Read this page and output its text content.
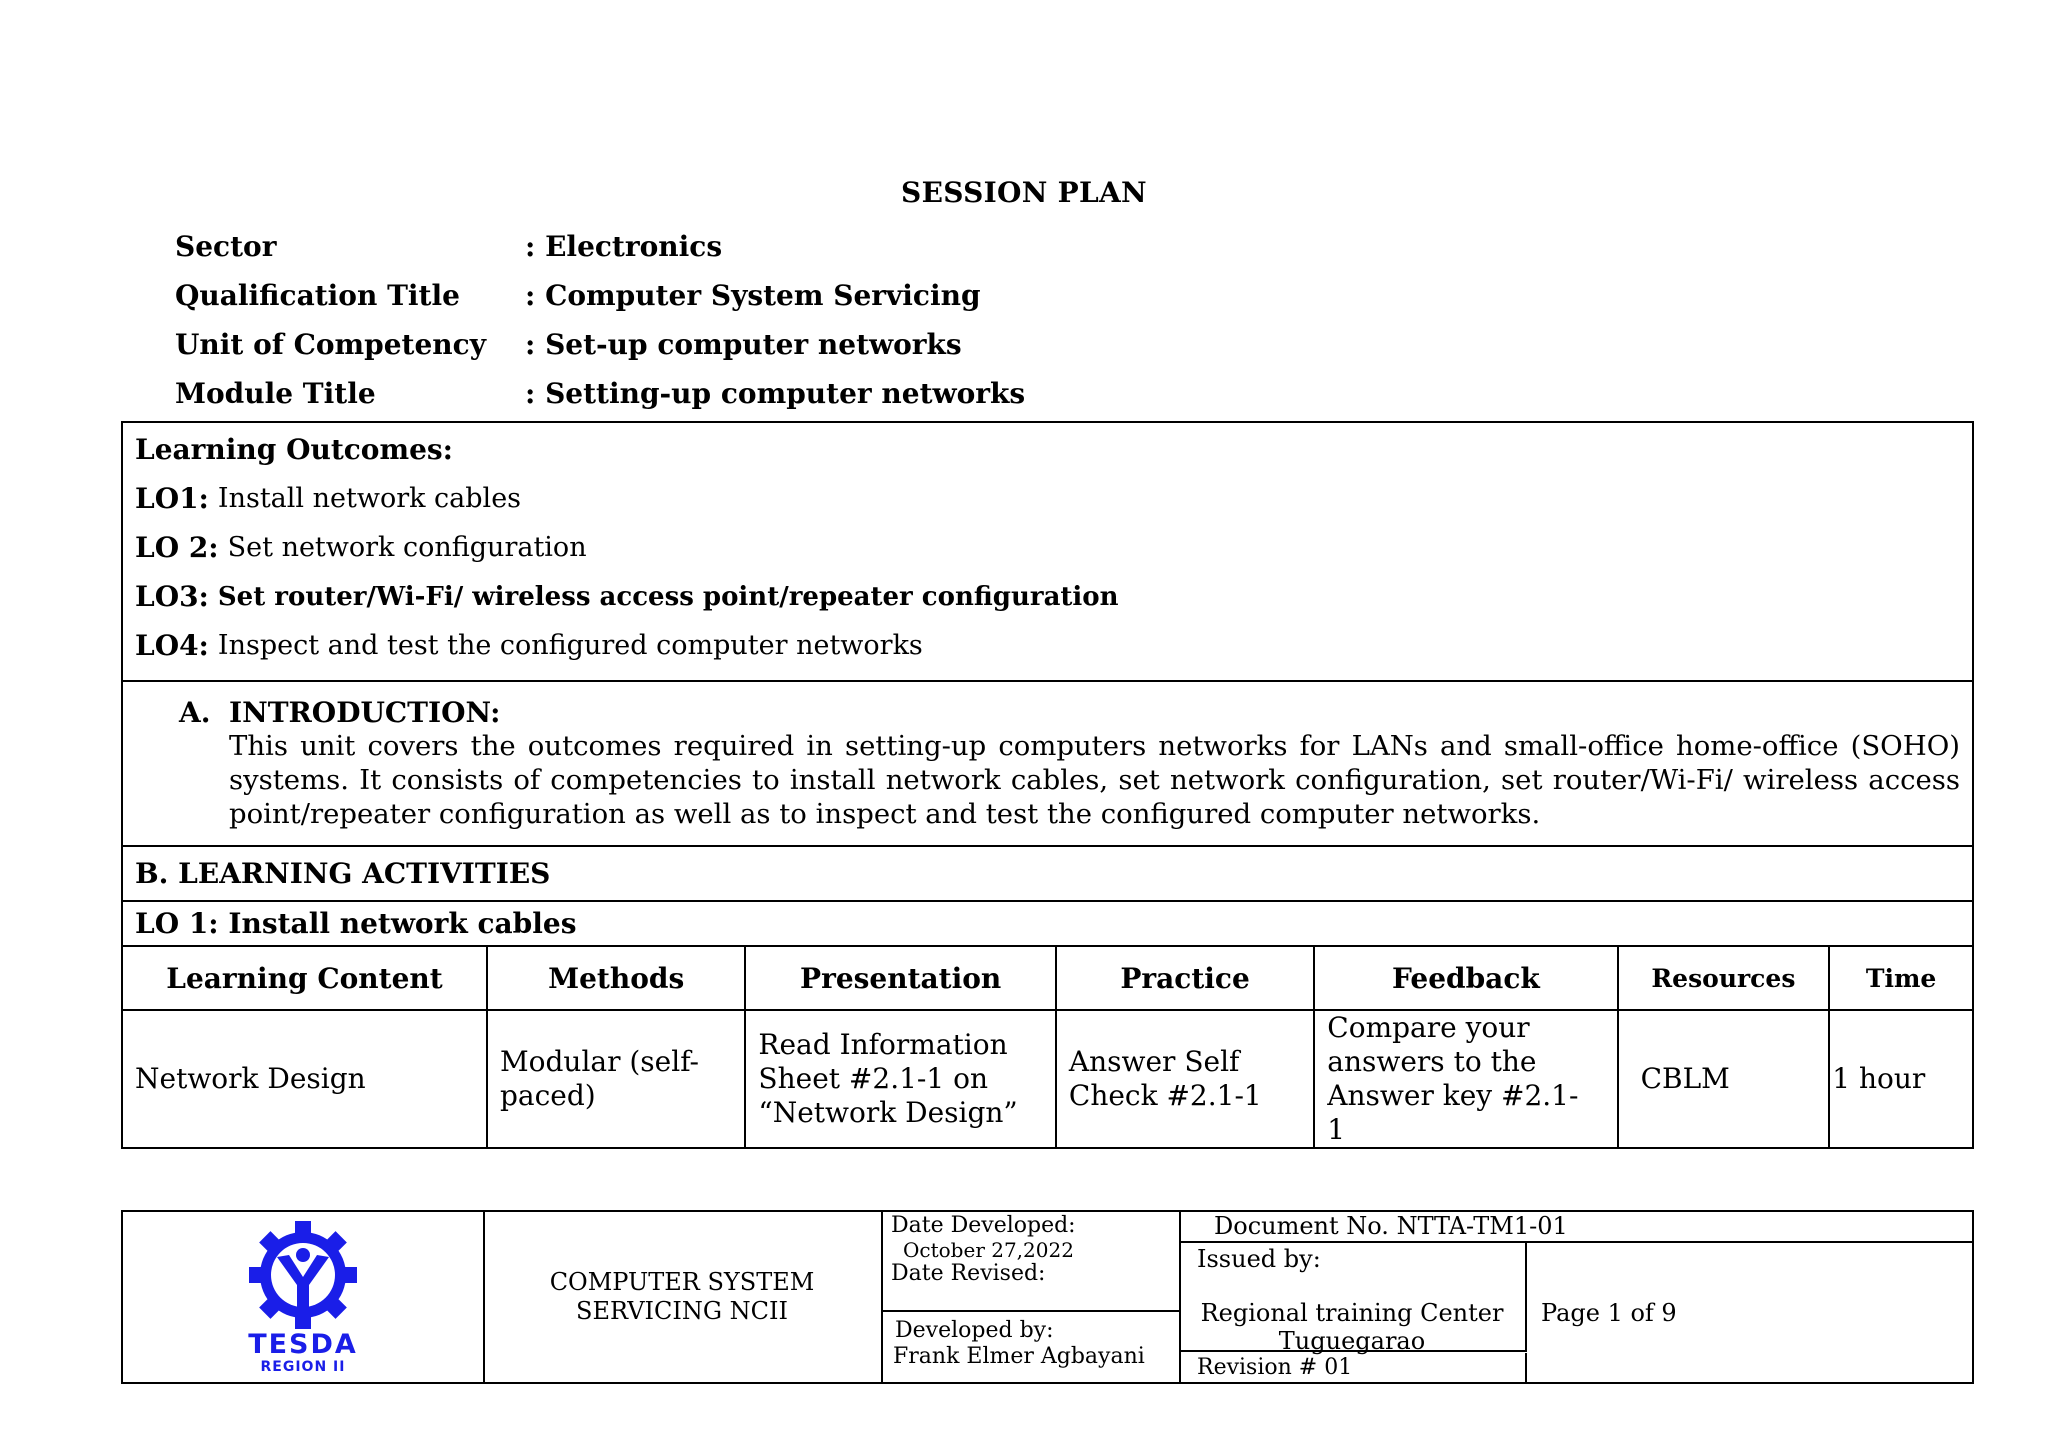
SESSION PLAN
Sector	: Electronics
Qualification Title	: Computer System Servicing
Unit of Competency	: Set-up computer networks
Module Title	: Setting-up computer networks
Learning Outcomes:
LO1: Install network cables
LO 2: Set network configuration
LO3: Set router/Wi-Fi/ wireless access point/repeater configuration
LO4: Inspect and test the configured computer networks
A. INTRODUCTION:
This unit covers the outcomes required in setting-up computers networks for LANs and small-office home-office (SOHO) systems. It consists of competencies to install network cables, set network configuration, set router/Wi-Fi/ wireless access point/repeater configuration as well as to inspect and test the configured computer networks.
B. LEARNING ACTIVITIES
LO 1: Install network cables
Learning Content	Methods	Presentation	Practice	Feedback	Resources	Time
Network Design	Modular (self-paced)	Read Information Sheet #2.1-1 on “Network Design”	Answer Self Check #2.1-1	Compare your answers to the Answer key #2.1- 1	CBLM	1 hour
TESDA
REGION II
COMPUTER SYSTEM SERVICING NCII
Date Developed:
October 27,2022
Date Revised:
Developed by:
Frank Elmer Agbayani
Document No. NTTA-TM1-01
Issued by:
Regional training Center Tuguegarao
Revision # 01
Page 1 of 9
